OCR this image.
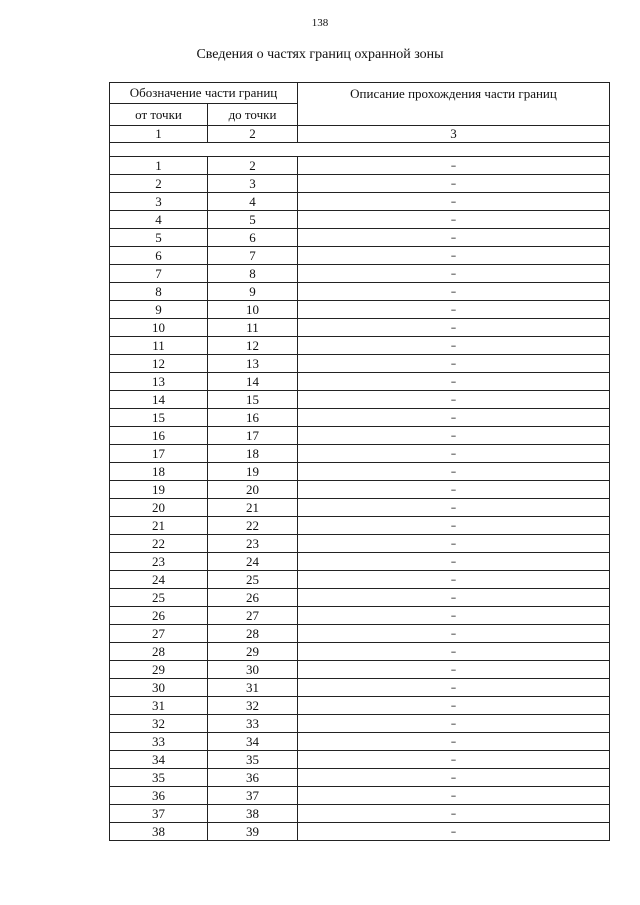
138
Сведения о частях границ охранной зоны
Обозначение части границ		Описание прохождения части границ
от точки	до точки	
1	2	3

1	2	–
2	3	–
3	4	–
4	5	–
5	6	–
6	7	–
7	8	–
8	9	–
9	10	–
10	11	–
11	12	–
12	13	–
13	14	–
14	15	–
15	16	–
16	17	–
17	18	–
18	19	–
19	20	–
20	21	–
21	22	–
22	23	–
23	24	–
24	25	–
25	26	–
26	27	–
27	28	–
28	29	–
29	30	–
30	31	–
31	32	–
32	33	–
33	34	–
34	35	–
35	36	–
36	37	–
37	38	–
38	39	–
